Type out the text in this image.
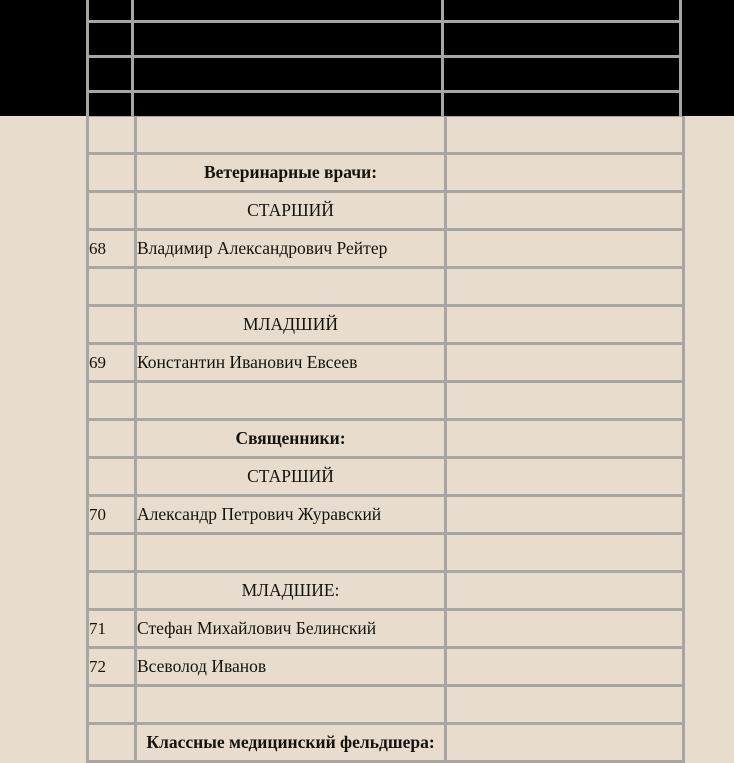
	Ветеринарные врачи:	
	СТАРШИЙ	
68	Владимир Александрович Рейтер	

	МЛАДШИЙ	
69	Константин Иванович Евсеев	

	Священники:	
	СТАРШИЙ	
70	Александр Петрович Журавский	

	МЛАДШИЕ:	
71	Стефан Михайлович Белинский	
72	Всеволод Иванов	

	Классные медицинский фельдшера:	
